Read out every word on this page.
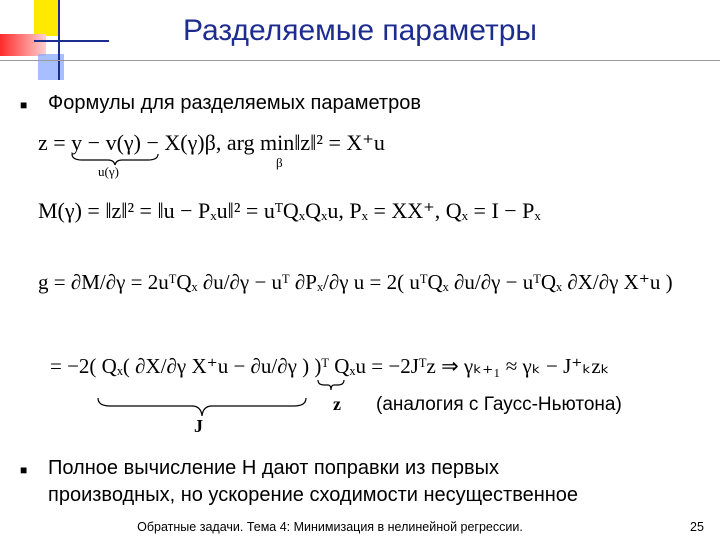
Разделяемые параметры
■ Формулы для разделяемых параметров
z = y − v(γ) − X(γ)β, arg min‖z‖² = X⁺u
u(γ)
β
M(γ) = ‖z‖² = ‖u − Pₓu‖² = uᵀQₓQₓu, Pₓ = XX⁺, Qₓ = I − Pₓ
g = ∂M/∂γ = 2uᵀQₓ ∂u/∂γ − uᵀ ∂Pₓ/∂γ u = 2( uᵀQₓ ∂u/∂γ − uᵀQₓ ∂X/∂γ X⁺u )
= −2( Qₓ( ∂X/∂γ X⁺u − ∂u/∂γ ) )ᵀ Qₓu = −2Jᵀz ⇒ γₖ₊₁ ≈ γₖ − J⁺ₖzₖ
z
J
(аналогия с Гаусс-Ньютона)
■ Полное вычисление H дают поправки из первых
производных, но ускорение сходимости несущественное
Обратные задачи. Тема 4: Минимизация в нелинейной регрессии.	25
